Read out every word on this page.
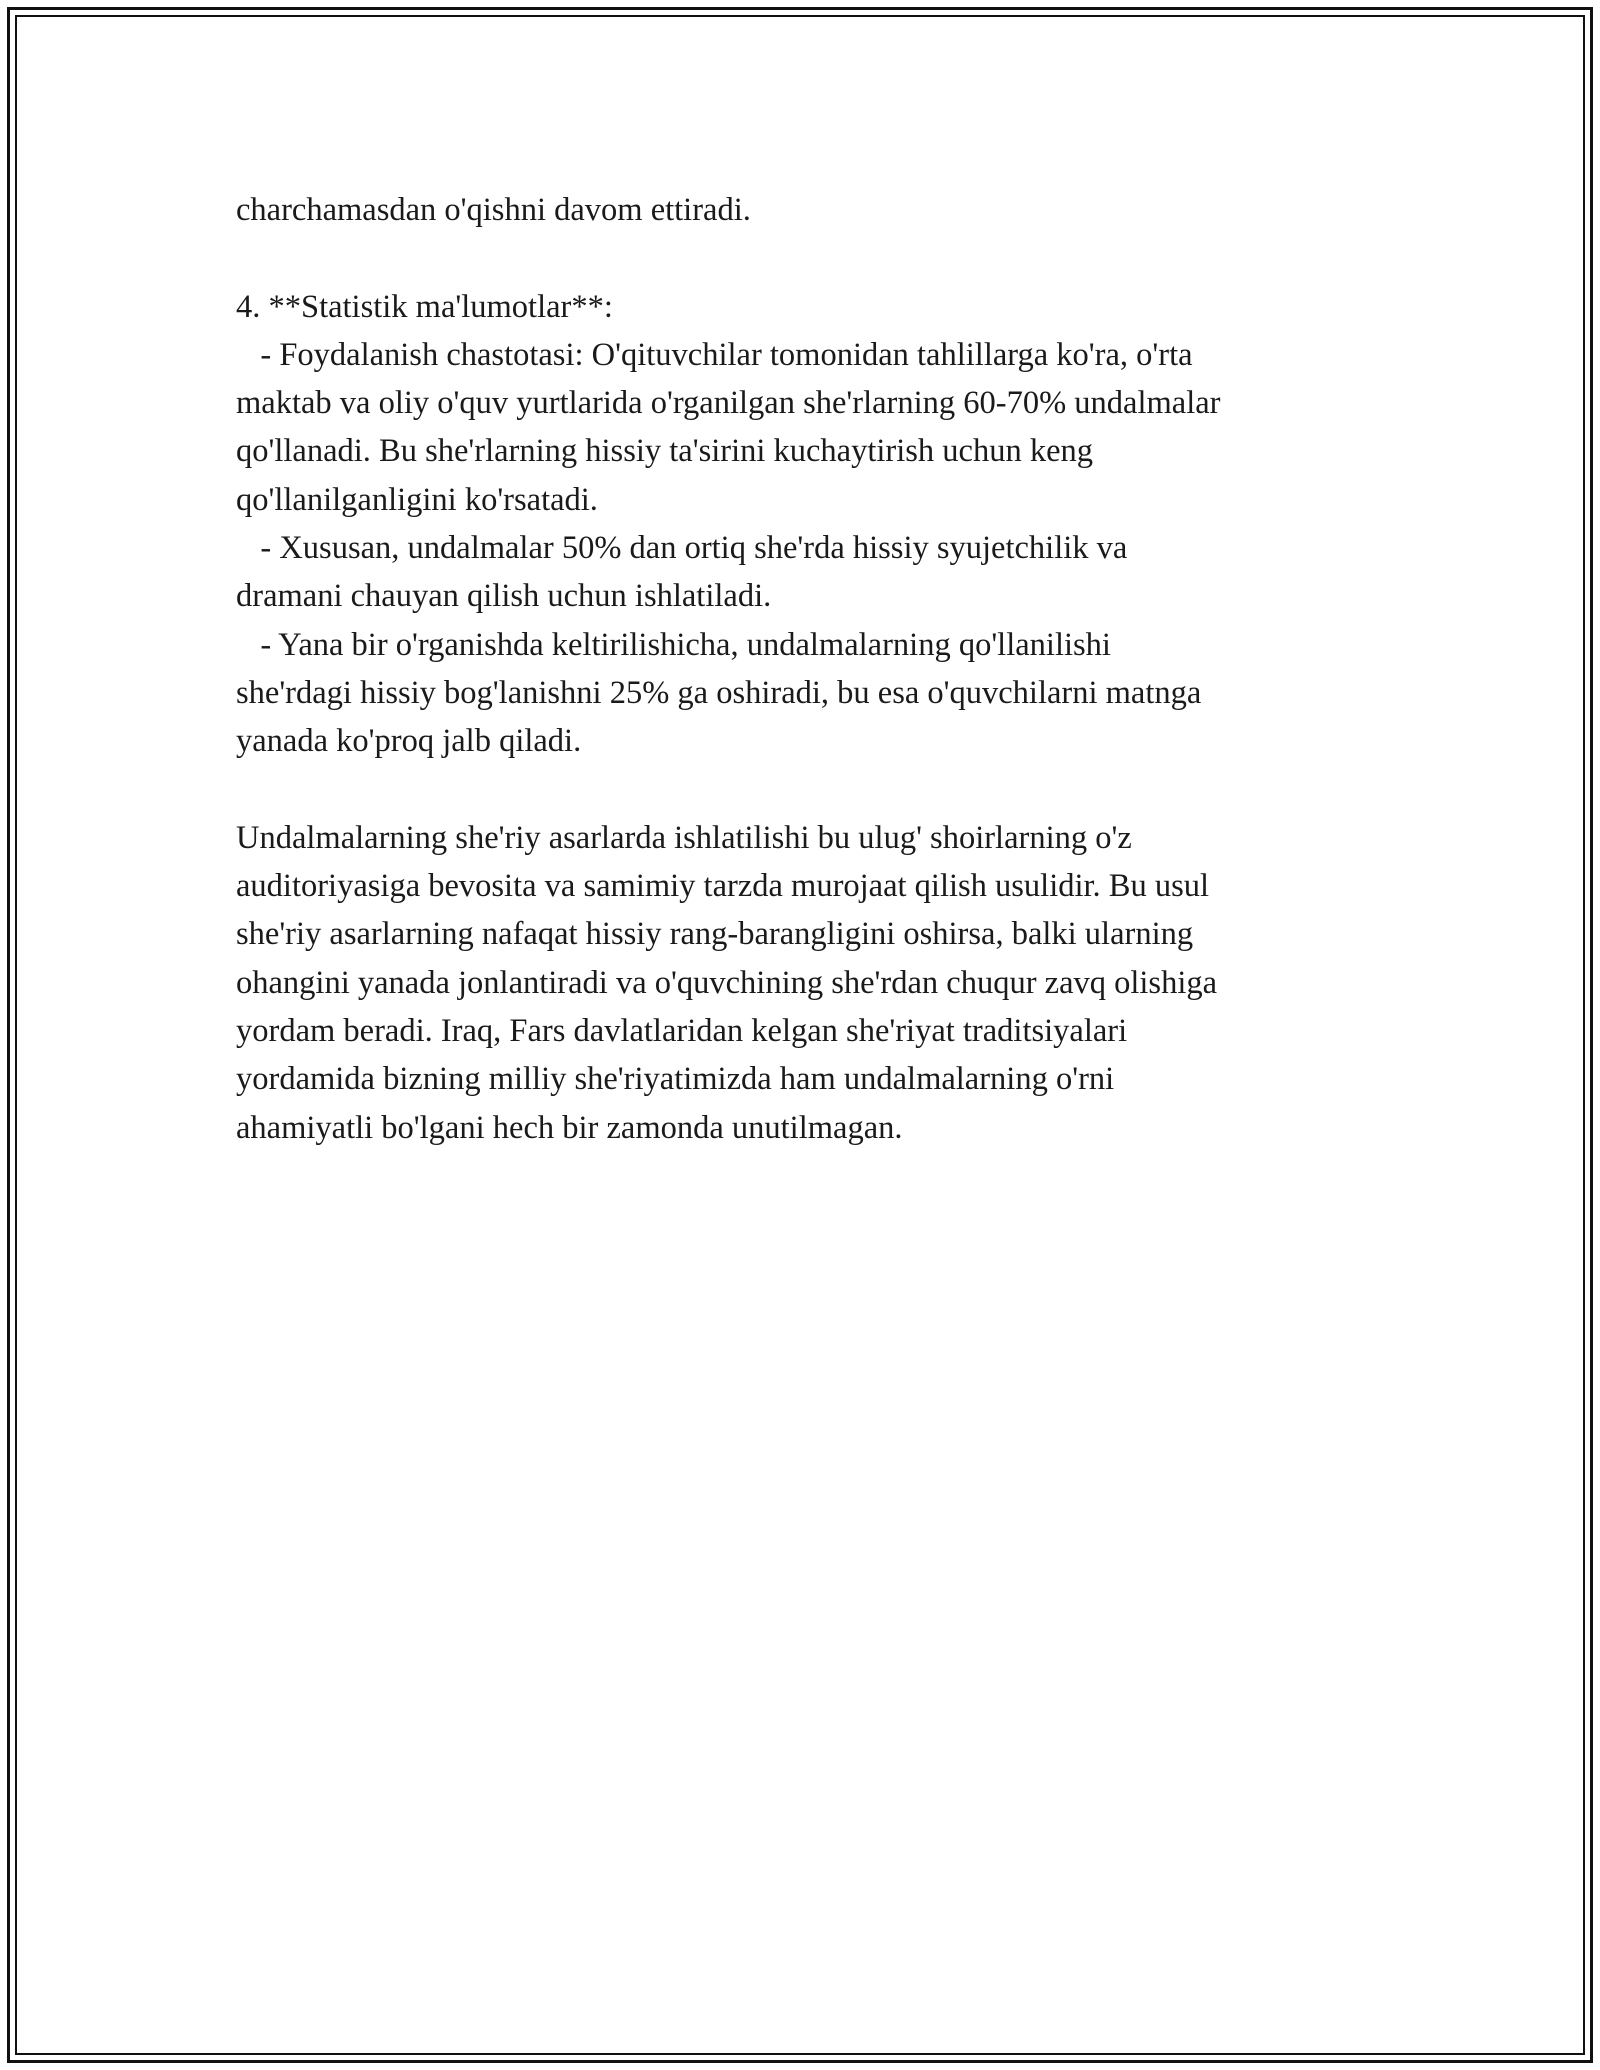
charchamasdan o'qishni davom ettiradi.
4. **Statistik ma'lumotlar**:
- Foydalanish chastotasi: O'qituvchilar tomonidan tahlillarga ko'ra, o'rta
maktab va oliy o'quv yurtlarida o'rganilgan she'rlarning 60-70% undalmalar
qo'llanadi. Bu she'rlarning hissiy ta'sirini kuchaytirish uchun keng
qo'llanilganligini ko'rsatadi.
- Xususan, undalmalar 50% dan ortiq she'rda hissiy syujetchilik va
dramani chauyan qilish uchun ishlatiladi.
- Yana bir o'rganishda keltirilishicha, undalmalarning qo'llanilishi
she'rdagi hissiy bog'lanishni 25% ga oshiradi, bu esa o'quvchilarni matnga
yanada ko'proq jalb qiladi.
Undalmalarning she'riy asarlarda ishlatilishi bu ulug' shoirlarning o'z
auditoriyasiga bevosita va samimiy tarzda murojaat qilish usulidir. Bu usul
she'riy asarlarning nafaqat hissiy rang-barangligini oshirsa, balki ularning
ohangini yanada jonlantiradi va o'quvchining she'rdan chuqur zavq olishiga
yordam beradi. Iraq, Fars davlatlaridan kelgan she'riyat traditsiyalari
yordamida bizning milliy she'riyatimizda ham undalmalarning o'rni
ahamiyatli bo'lgani hech bir zamonda unutilmagan.
